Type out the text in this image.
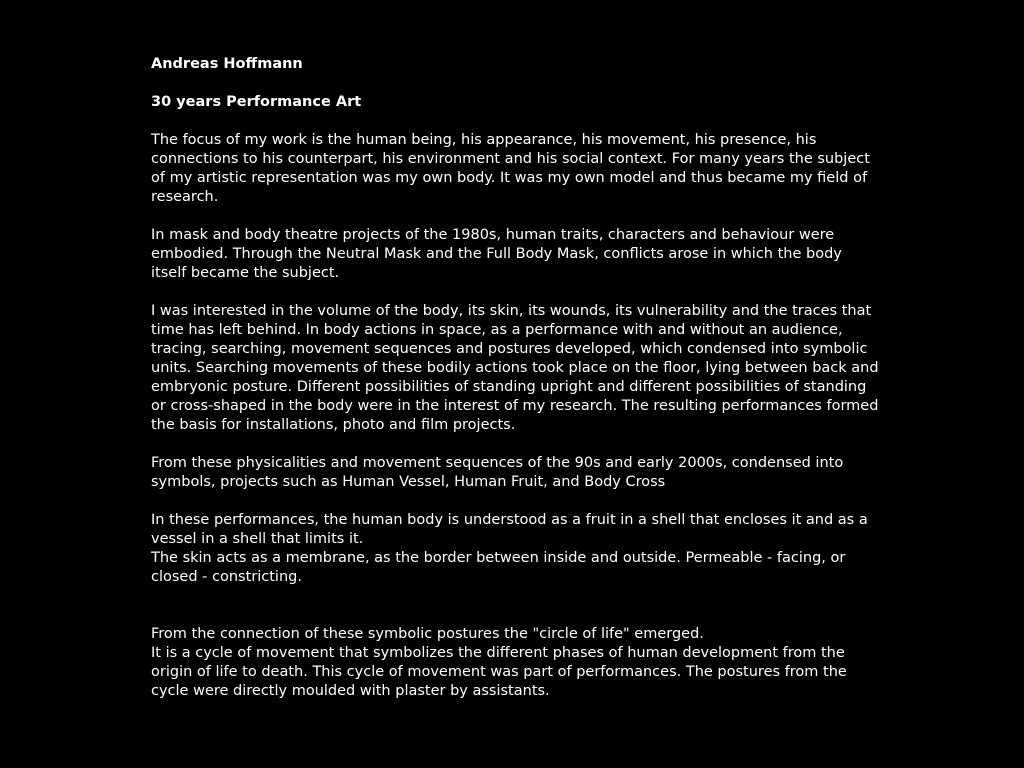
Andreas Hoffmann
30 years Performance Art
The focus of my work is the human being, his appearance, his movement, his presence, his
connections to his counterpart, his environment and his social context. For many years the subject
of my artistic representation was my own body. It was my own model and thus became my field of
research.
In mask and body theatre projects of the 1980s, human traits, characters and behaviour were
embodied. Through the Neutral Mask and the Full Body Mask, conflicts arose in which the body
itself became the subject.
I was interested in the volume of the body, its skin, its wounds, its vulnerability and the traces that
time has left behind. In body actions in space, as a performance with and without an audience,
tracing, searching, movement sequences and postures developed, which condensed into symbolic
units. Searching movements of these bodily actions took place on the floor, lying between back and
embryonic posture. Different possibilities of standing upright and different possibilities of standing
or cross-shaped in the body were in the interest of my research. The resulting performances formed
the basis for installations, photo and film projects.
From these physicalities and movement sequences of the 90s and early 2000s, condensed into
symbols, projects such as Human Vessel, Human Fruit, and Body Cross
In these performances, the human body is understood as a fruit in a shell that encloses it and as a
vessel in a shell that limits it.
The skin acts as a membrane, as the border between inside and outside. Permeable - facing, or
closed - constricting.
From the connection of these symbolic postures the "circle of life" emerged.
It is a cycle of movement that symbolizes the different phases of human development from the
origin of life to death. This cycle of movement was part of performances. The postures from the
cycle were directly moulded with plaster by assistants.
